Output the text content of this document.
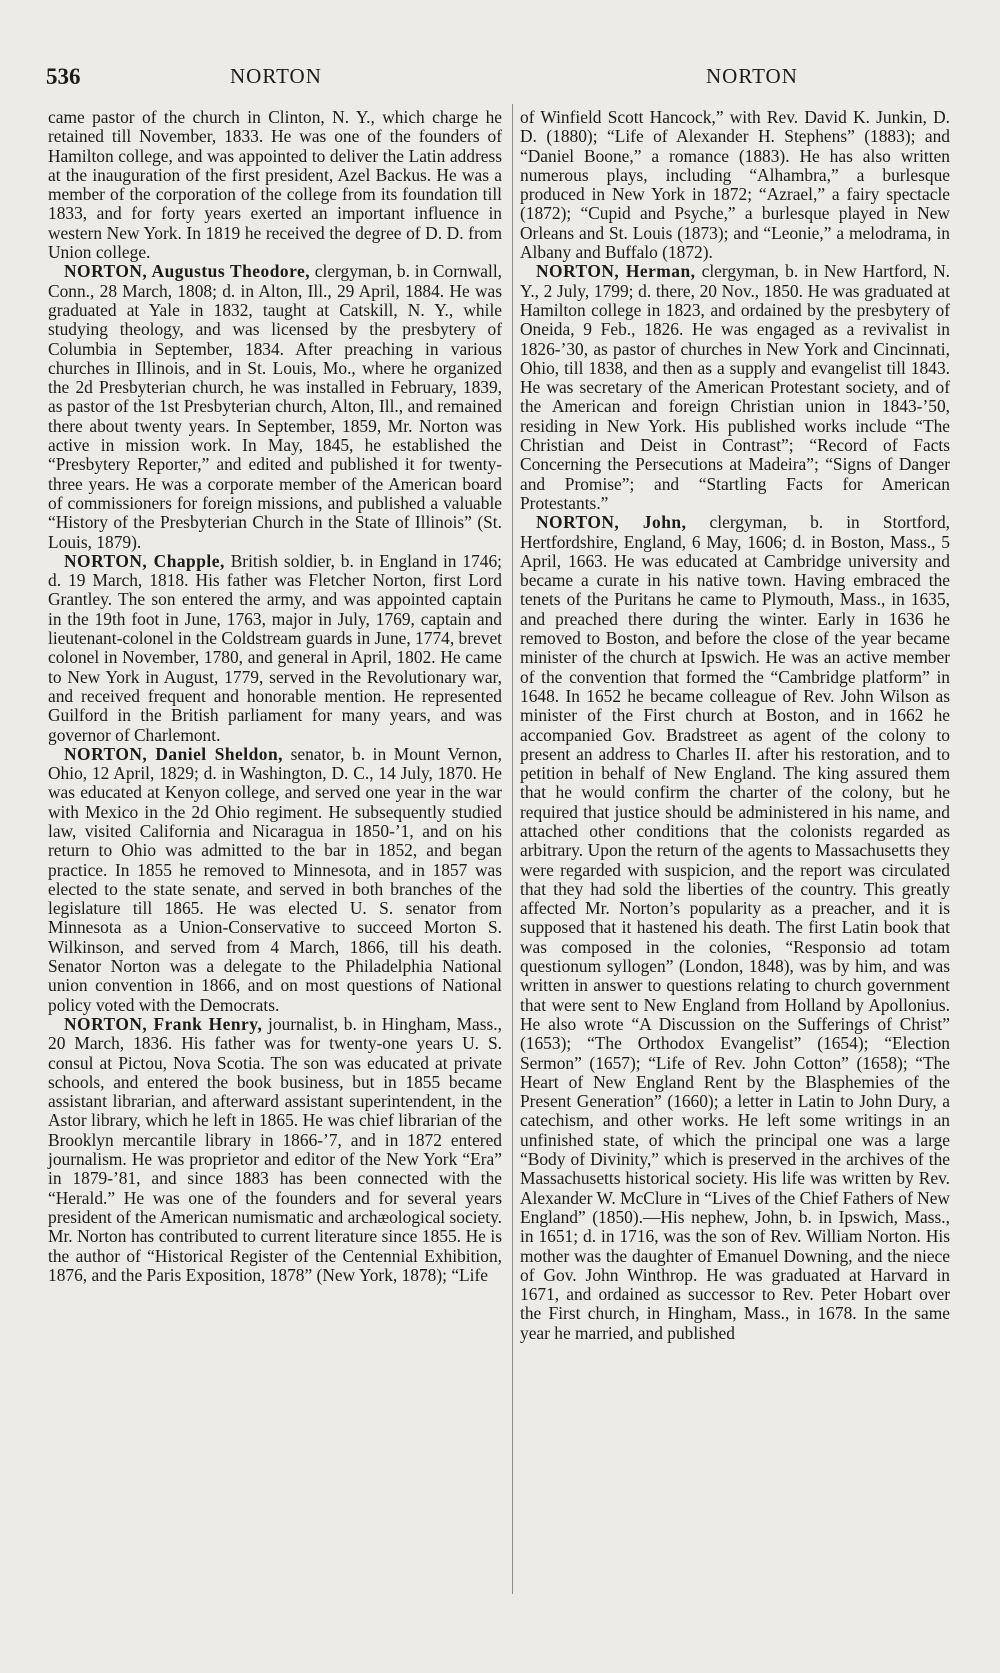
536	NORTON	NORTON

came pastor of the church in Clinton, N. Y., which charge he retained till November, 1833. He was one of the founders of Hamilton college, and was appointed to deliver the Latin address at the inauguration of the first president, Azel Backus. He was a member of the corporation of the college from its foundation till 1833, and for forty years exerted an important influence in western New York. In 1819 he received the degree of D. D. from Union college.

NORTON, Augustus Theodore, clergyman, b. in Cornwall, Conn., 28 March, 1808; d. in Alton, Ill., 29 April, 1884. He was graduated at Yale in 1832, taught at Catskill, N. Y., while studying theology, and was licensed by the presbytery of Columbia in September, 1834. After preaching in various churches in Illinois, and in St. Louis, Mo., where he organized the 2d Presbyterian church, he was installed in February, 1839, as pastor of the 1st Presbyterian church, Alton, Ill., and remained there about twenty years. In September, 1859, Mr. Norton was active in mission work. In May, 1845, he established the “Presbytery Reporter,” and edited and published it for twenty-three years. He was a corporate member of the American board of commissioners for foreign missions, and published a valuable “History of the Presbyterian Church in the State of Illinois” (St. Louis, 1879).

NORTON, Chapple, British soldier, b. in England in 1746; d. 19 March, 1818. His father was Fletcher Norton, first Lord Grantley. The son entered the army, and was appointed captain in the 19th foot in June, 1763, major in July, 1769, captain and lieutenant-colonel in the Coldstream guards in June, 1774, brevet colonel in November, 1780, and general in April, 1802. He came to New York in August, 1779, served in the Revolutionary war, and received frequent and honorable mention. He represented Guilford in the British parliament for many years, and was governor of Charlemont.

NORTON, Daniel Sheldon, senator, b. in Mount Vernon, Ohio, 12 April, 1829; d. in Washington, D. C., 14 July, 1870. He was educated at Kenyon college, and served one year in the war with Mexico in the 2d Ohio regiment. He subsequently studied law, visited California and Nicaragua in 1850-’1, and on his return to Ohio was admitted to the bar in 1852, and began practice. In 1855 he removed to Minnesota, and in 1857 was elected to the state senate, and served in both branches of the legislature till 1865. He was elected U. S. senator from Minnesota as a Union-Conservative to succeed Morton S. Wilkinson, and served from 4 March, 1866, till his death. Senator Norton was a delegate to the Philadelphia National union convention in 1866, and on most questions of National policy voted with the Democrats.

NORTON, Frank Henry, journalist, b. in Hingham, Mass., 20 March, 1836. His father was for twenty-one years U. S. consul at Pictou, Nova Scotia. The son was educated at private schools, and entered the book business, but in 1855 became assistant librarian, and afterward assistant superintendent, in the Astor library, which he left in 1865. He was chief librarian of the Brooklyn mercantile library in 1866-’7, and in 1872 entered journalism. He was proprietor and editor of the New York “Era” in 1879-’81, and since 1883 has been connected with the “Herald.” He was one of the founders and for several years president of the American numismatic and archæological society. Mr. Norton has contributed to current literature since 1855. He is the author of “Historical Register of the Centennial Exhibition, 1876, and the Paris Exposition, 1878” (New York, 1878); “Life

of Winfield Scott Hancock,” with Rev. David K. Junkin, D. D. (1880); “Life of Alexander H. Stephens” (1883); and “Daniel Boone,” a romance (1883). He has also written numerous plays, including “Alhambra,” a burlesque produced in New York in 1872; “Azrael,” a fairy spectacle (1872); “Cupid and Psyche,” a burlesque played in New Orleans and St. Louis (1873); and “Leonie,” a melodrama, in Albany and Buffalo (1872).

NORTON, Herman, clergyman, b. in New Hartford, N. Y., 2 July, 1799; d. there, 20 Nov., 1850. He was graduated at Hamilton college in 1823, and ordained by the presbytery of Oneida, 9 Feb., 1826. He was engaged as a revivalist in 1826-’30, as pastor of churches in New York and Cincinnati, Ohio, till 1838, and then as a supply and evangelist till 1843. He was secretary of the American Protestant society, and of the American and foreign Christian union in 1843-’50, residing in New York. His published works include “The Christian and Deist in Contrast”; “Record of Facts Concerning the Persecutions at Madeira”; “Signs of Danger and Promise”; and “Startling Facts for American Protestants.”

NORTON, John, clergyman, b. in Stortford, Hertfordshire, England, 6 May, 1606; d. in Boston, Mass., 5 April, 1663. He was educated at Cambridge university and became a curate in his native town. Having embraced the tenets of the Puritans he came to Plymouth, Mass., in 1635, and preached there during the winter. Early in 1636 he removed to Boston, and before the close of the year became minister of the church at Ipswich. He was an active member of the convention that formed the “Cambridge platform” in 1648. In 1652 he became colleague of Rev. John Wilson as minister of the First church at Boston, and in 1662 he accompanied Gov. Bradstreet as agent of the colony to present an address to Charles II. after his restoration, and to petition in behalf of New England. The king assured them that he would confirm the charter of the colony, but he required that justice should be administered in his name, and attached other conditions that the colonists regarded as arbitrary. Upon the return of the agents to Massachusetts they were regarded with suspicion, and the report was circulated that they had sold the liberties of the country. This greatly affected Mr. Norton’s popularity as a preacher, and it is supposed that it hastened his death. The first Latin book that was composed in the colonies, “Responsio ad totam questionum syllogen” (London, 1848), was by him, and was written in answer to questions relating to church government that were sent to New England from Holland by Apollonius. He also wrote “A Discussion on the Sufferings of Christ” (1653); “The Orthodox Evangelist” (1654); “Election Sermon” (1657); “Life of Rev. John Cotton” (1658); “The Heart of New England Rent by the Blasphemies of the Present Generation” (1660); a letter in Latin to John Dury, a catechism, and other works. He left some writings in an unfinished state, of which the principal one was a large “Body of Divinity,” which is preserved in the archives of the Massachusetts historical society. His life was written by Rev. Alexander W. McClure in “Lives of the Chief Fathers of New England” (1850).—His nephew, John, b. in Ipswich, Mass., in 1651; d. in 1716, was the son of Rev. William Norton. His mother was the daughter of Emanuel Downing, and the niece of Gov. John Winthrop. He was graduated at Harvard in 1671, and ordained as successor to Rev. Peter Hobart over the First church, in Hingham, Mass., in 1678. In the same year he married, and published
